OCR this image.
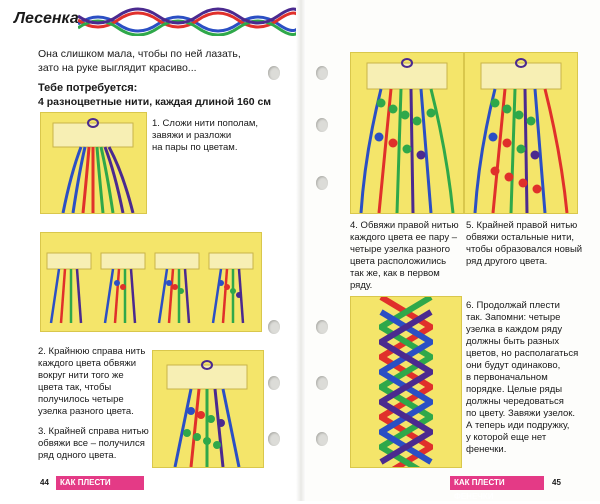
Лесенка
Она слишком мала, чтобы по ней лазать,
зато на руке выглядит красиво...
Тебе потребуется:
4 разноцветные нити, каждая длиной 160 см
1. Сложи нити пополам,
завяжи и разложи
на пары по цветам.
2. Крайнюю справа нить
каждого цвета обвяжи
вокруг нити того же
цвета так, чтобы
получилось четыре
узелка разного цвета.
3. Крайней справа нитью
обвяжи все – получился
ряд одного цвета.
44	КАК ПЛЕСТИ ФЕНЕЧКИ
4. Обвяжи правой нитью
каждого цвета ее пару –
четыре узелка разного
цвета расположились
так же, как в первом
ряду.
5. Крайней правой нитью
обвяжи остальные нити,
чтобы образовался новый
ряд другого цвета.
6. Продолжай плести
так. Запомни: четыре
узелка в каждом ряду
должны быть разных
цветов, но располагаться
они будут одинаково,
в первоначальном
порядке. Целые ряды
должны чередоваться
по цвету. Завяжи узелок.
А теперь иди подружку,
у которой еще нет
фенечки.
КАК ПЛЕСТИ ФЕНЕЧКИ
45
